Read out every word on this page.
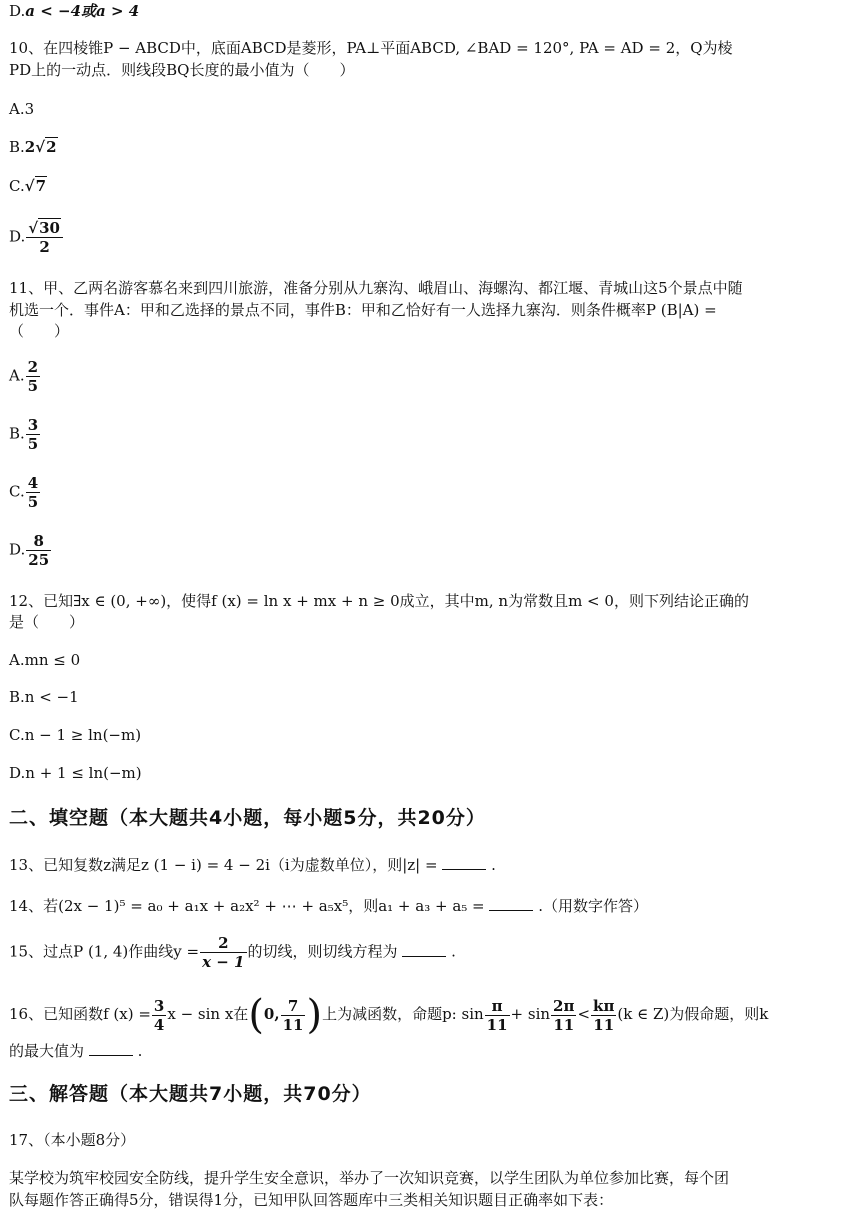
D.a < −4或a > 4
10、在四棱锥P − ABCD中，底面ABCD是菱形，PA⊥平面ABCD, ∠BAD = 120°, PA = AD = 2，Q为棱
PD上的一动点．则线段BQ长度的最小值为（　　）
A.3
B.2√2
C.√7
D. $\frac{√30}{2}$
11、甲、乙两名游客慕名来到四川旅游，准备分别从九寨沟、峨眉山、海螺沟、都江堰、青城山这5个景点中随
机选一个．事件A：甲和乙选择的景点不同，事件B：甲和乙恰好有一人选择九寨沟．则条件概率P (B|A) =
（　　）
A. $\frac{2}{5}$
B. $\frac{3}{5}$
C. $\frac{4}{5}$
D. $\frac{8}{25}$
12、已知∃x ∈ (0, +∞)，使得f (x) = ln x + mx + n ≥ 0成立，其中m, n为常数且m < 0，则下列结论正确的
是（　　）
A.mn ≤ 0
B.n < −1
C.n − 1 ≥ ln(−m)
D.n + 1 ≤ ln(−m)
二、填空题（本大题共4小题，每小题5分，共20分）
13、已知复数z满足z (1 − i) = 4 − 2i（i为虚数单位），则|z| =	.
14、若(2x − 1)⁵ = a₀ + a₁x + a₂x² + ⋯ + a₅x⁵，则a₁ + a₃ + a₅ =	.（用数字作答）
15、过点P (1, 4)作曲线$y = \frac{2}{x - 1}$ 的切线，则切线方程为	.
16、已知函数f $(x) = \frac{3}{4}$ x − sin x在(0, $\frac{7}{11}$ )上为减函数，命题p: $\sin \frac{\pi}{11} + \sin \frac{2\pi}{11} < \frac{k\pi}{11} (k$ ∈ Z)为假命题，则k
的最大值为	.
三、解答题（本大题共7小题，共70分）
17、（本小题8分）
某学校为筑牢校园安全防线，提升学生安全意识，举办了一次知识竞赛，以学生团队为单位参加比赛，每个团
队每题作答正确得5分，错误得1分，已知甲队回答题库中三类相关知识题目正确率如下表：
